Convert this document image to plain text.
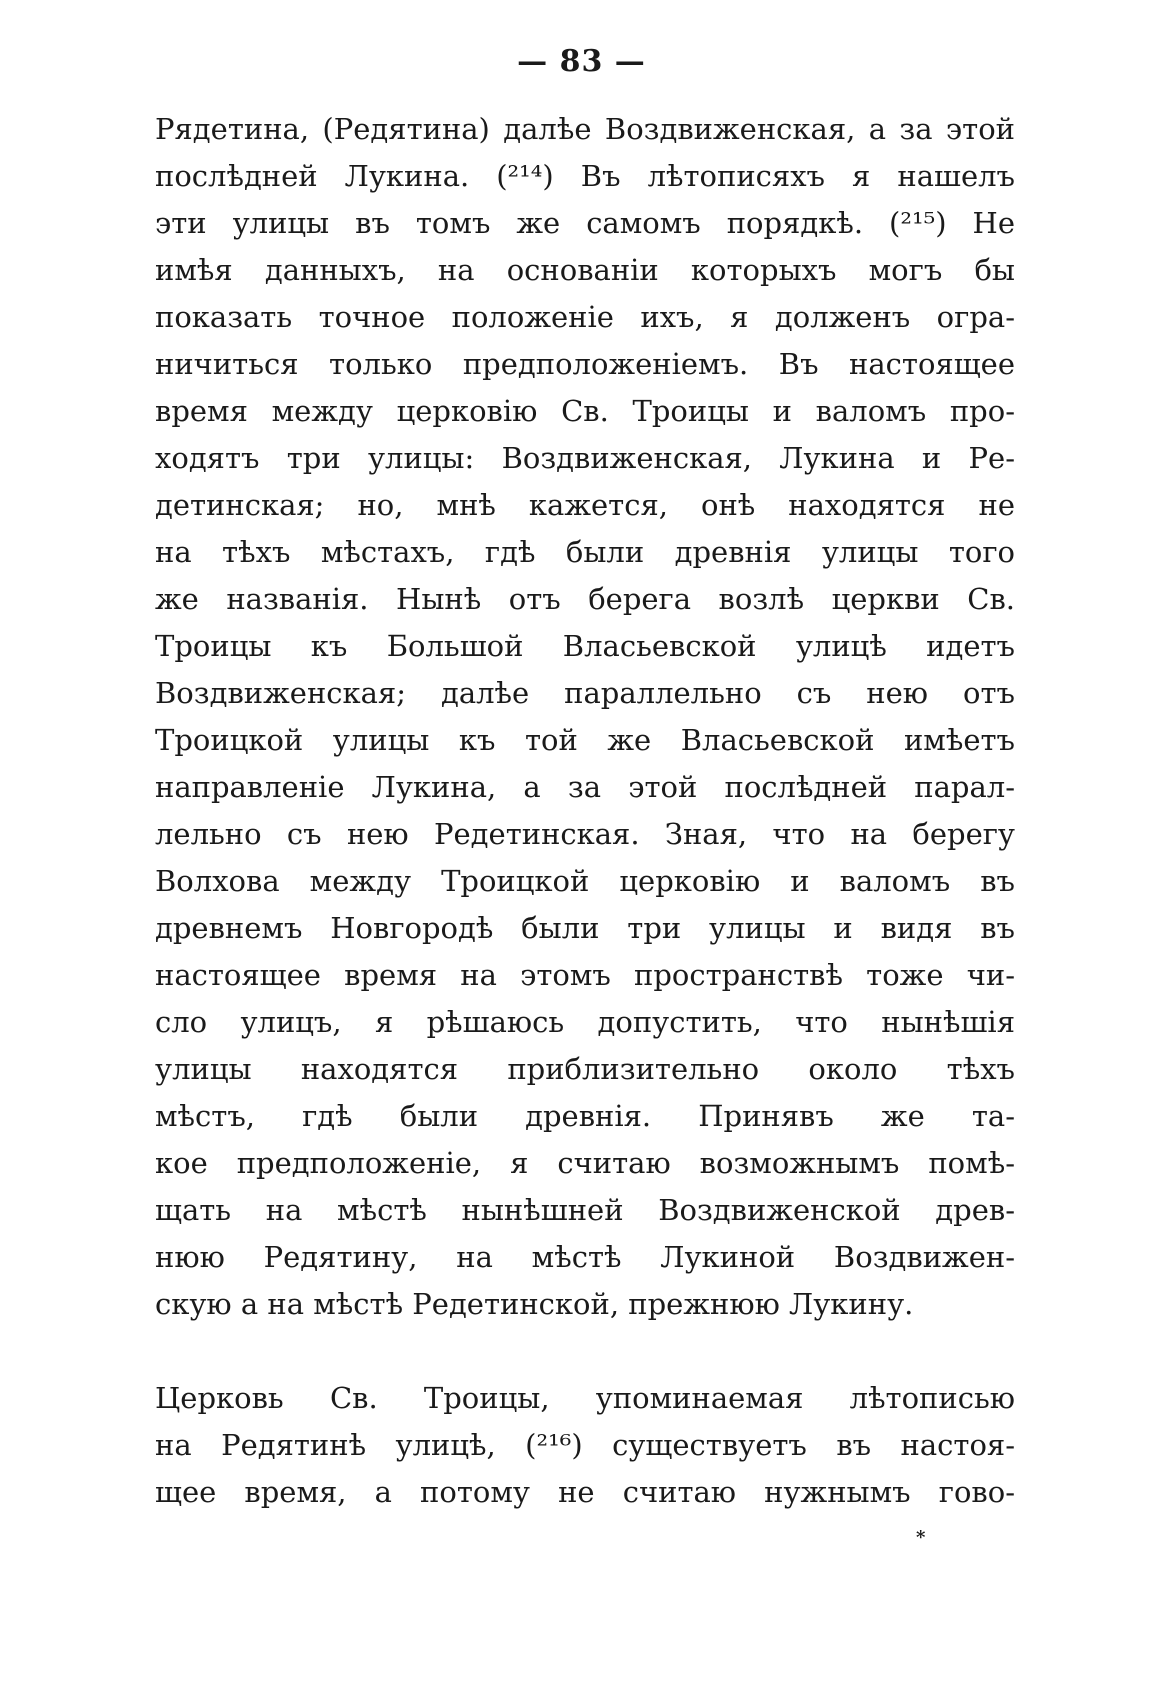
— 83 —
Рядетина, (Редятина) далѣе Воздвиженская, а за этой
послѣдней Лукина. (²¹⁴) Въ лѣтописяхъ я нашелъ
эти улицы въ томъ же самомъ порядкѣ. (²¹⁵) Не
имѣя данныхъ, на основаніи которыхъ могъ бы
показать точное положеніе ихъ, я долженъ огра-
ничиться только предположеніемъ. Въ настоящее
время между церковію Св. Троицы и валомъ про-
ходятъ три улицы: Воздвиженская, Лукина и Ре-
детинская; но, мнѣ кажется, онѣ находятся не
на тѣхъ мѣстахъ, гдѣ были древнія улицы того
же названія. Нынѣ отъ берега возлѣ церкви Св.
Троицы къ Большой Власьевской улицѣ идетъ
Воздвиженская; далѣе параллельно съ нею отъ
Троицкой улицы къ той же Власьевской имѣетъ
направленіе Лукина, а за этой послѣдней парал-
лельно съ нею Редетинская. Зная, что на берегу
Волхова между Троицкой церковію и валомъ въ
древнемъ Новгородѣ были три улицы и видя въ
настоящее время на этомъ пространствѣ тоже чи-
сло улицъ, я рѣшаюсь допустить, что нынѣшія
улицы находятся приблизительно около тѣхъ
мѣстъ, гдѣ были древнія. Принявъ же та-
кое предположеніе, я считаю возможнымъ помѣ-
щать на мѣстѣ нынѣшней Воздвиженской древ-
нюю Редятину, на мѣстѣ Лукиной Воздвижен-
скую а на мѣстѣ Редетинской, прежнюю Лукину.
Церковь Св. Троицы, упоминаемая лѣтописью
на Редятинѣ улицѣ, (²¹⁶) существуетъ въ настоя-
щее время, а потому не считаю нужнымъ гово-
*
